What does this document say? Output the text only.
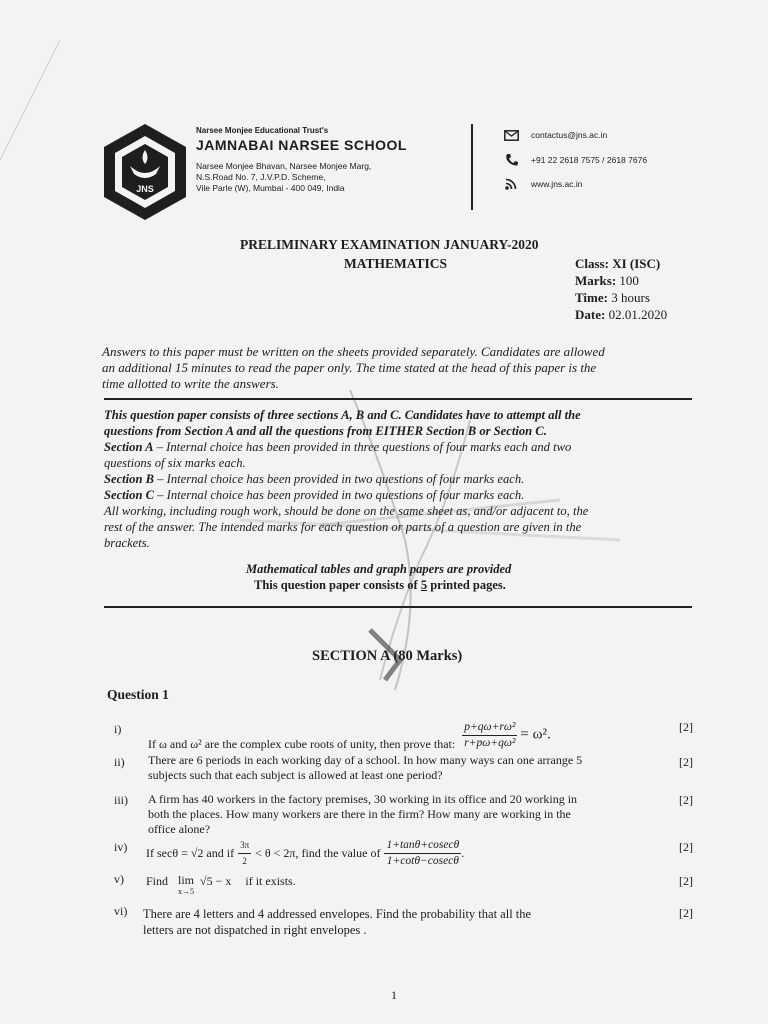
JNS
Narsee Monjee Educational Trust's
JAMNABAI NARSEE SCHOOL
Narsee Monjee Bhavan, Narsee Monjee Marg,
N.S.Road No. 7, J.V.P.D. Scheme,
Vile Parle (W), Mumbai - 400 049, India
contactus@jns.ac.in
+91 22 2618 7575 / 2618 7676
www.jns.ac.in
PRELIMINARY EXAMINATION JANUARY-2020
MATHEMATICS	Class: XI (ISC)
Marks: 100
Time: 3 hours
Date: 02.01.2020
Answers to this paper must be written on the sheets provided separately. Candidates are allowed
an additional 15 minutes to read the paper only. The time stated at the head of this paper is the
time allotted to write the answers.
This question paper consists of three sections A, B and C. Candidates have to attempt all the
questions from Section A and all the questions from EITHER Section B or Section C.
Section A – Internal choice has been provided in three questions of four marks each and two
questions of six marks each.
Section B – Internal choice has been provided in two questions of four marks each.
Section C – Internal choice has been provided in two questions of four marks each.
All working, including rough work, should be done on the same sheet as, and/or adjacent to, the
rest of the answer. The intended marks for each question or parts of a question are given in the
brackets.
Mathematical tables and graph papers are provided
This question paper consists of 5 printed pages.
SECTION A (80 Marks)
Question 1
i)
If ω and ω² are the complex cube roots of unity, then prove that: $\frac{\text{p+qω+rω²}}{\text{r+pω+qω²}} = \omega^2$.	[2]
ii) There are 6 periods in each working day of a school. In how many ways can one arrange 5
subjects such that each subject is allowed at least one period?
[2]
iii) A firm has 40 workers in the factory premises, 30 working in its office and 20 working in
both the places. How many workers are there in the firm? How many are working in the
office alone?
[2]
iv) If secθ = √2 and if $\frac{3\pi}{2} < \theta < 2\pi$, find the value of $\frac{1+\tan\theta+cosec\theta}{1+\cot\theta-cosec\theta}$ .	[2]
v) Find lim
x→5
√5 − x if it exists.	[2]
vi) There are 4 letters and 4 addressed envelopes. Find the probability that all the
letters are not dispatched in right envelopes .
[2]
1
